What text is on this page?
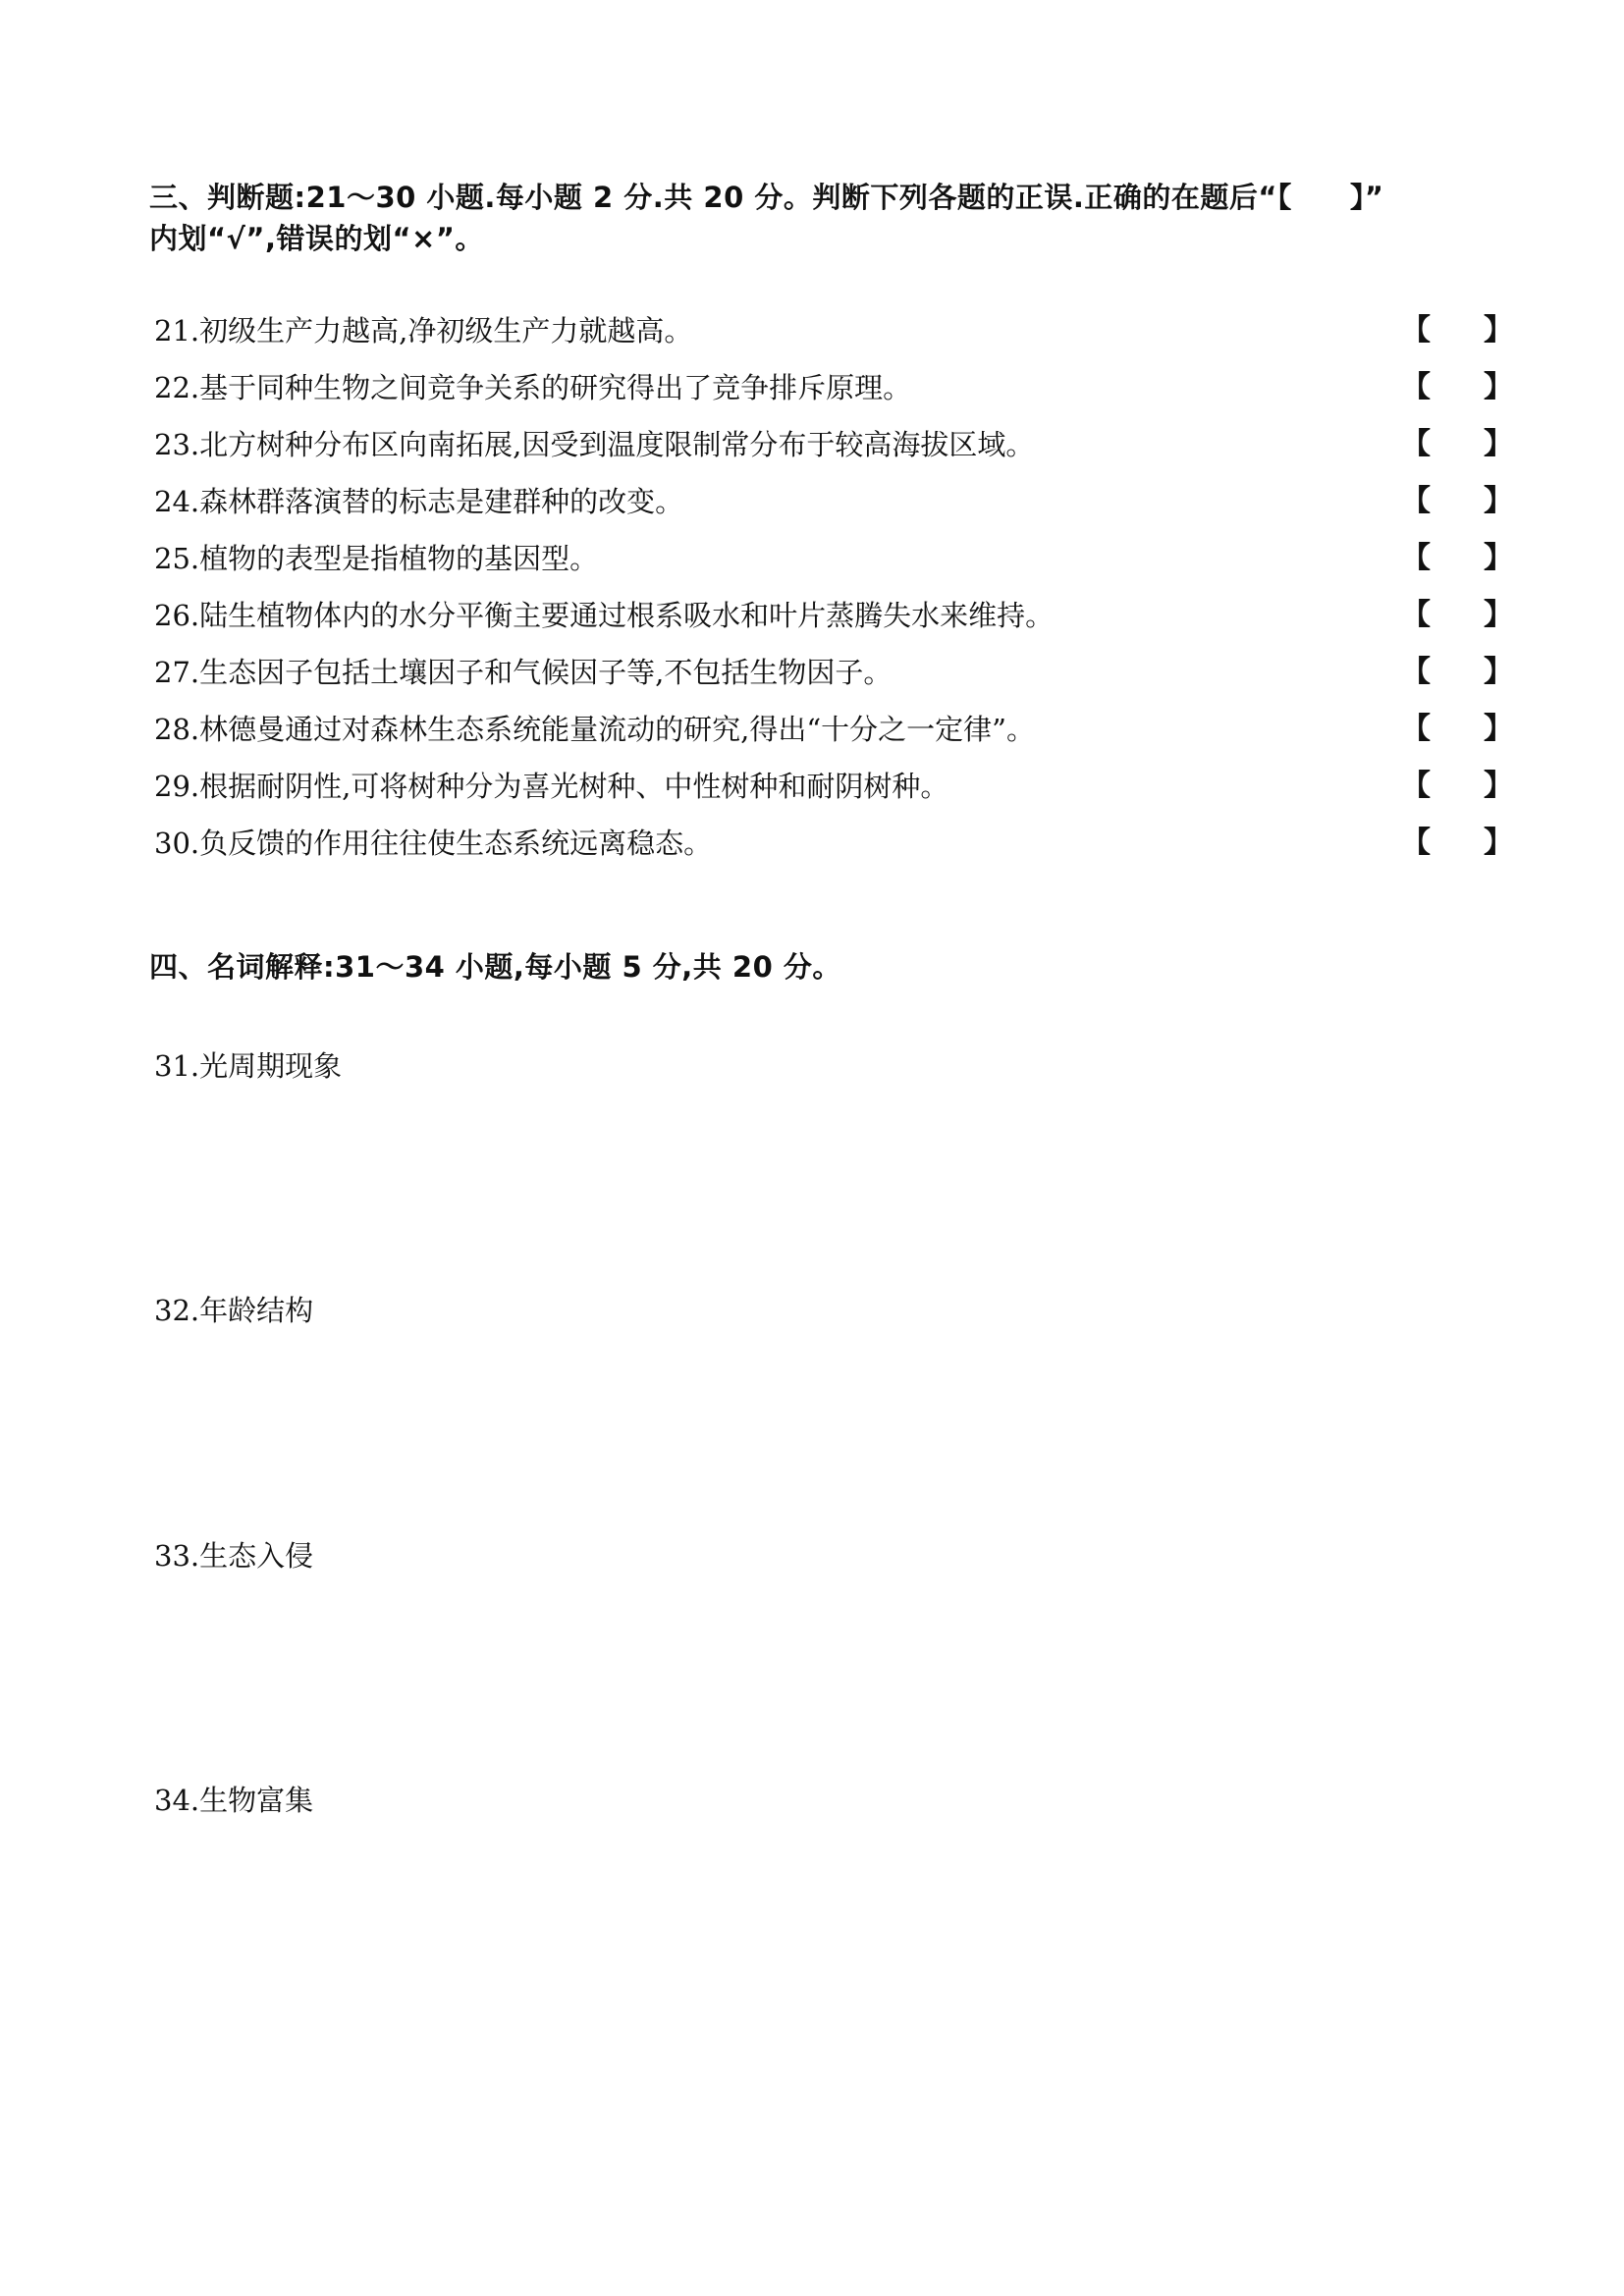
三、判断题:21～30 小题.每小题 2 分.共 20 分。判断下列各题的正误.正确的在题后“【　　】”
内划“√”,错误的划“×”。
21.初级生产力越高,净初级生产力就越高。	【 】
22.基于同种生物之间竞争关系的研究得出了竞争排斥原理。	【 】
23.北方树种分布区向南拓展,因受到温度限制常分布于较高海拔区域。	【 】
24.森林群落演替的标志是建群种的改变。	【 】
25.植物的表型是指植物的基因型。	【 】
26.陆生植物体内的水分平衡主要通过根系吸水和叶片蒸腾失水来维持。	【 】
27.生态因子包括土壤因子和气候因子等,不包括生物因子。	【 】
28.林德曼通过对森林生态系统能量流动的研究,得出“十分之一定律”。	【 】
29.根据耐阴性,可将树种分为喜光树种、中性树种和耐阴树种。	【 】
30.负反馈的作用往往使生态系统远离稳态。	【 】
四、名词解释:31～34 小题,每小题 5 分,共 20 分。
31.光周期现象
32.年龄结构
33.生态入侵
34.生物富集
